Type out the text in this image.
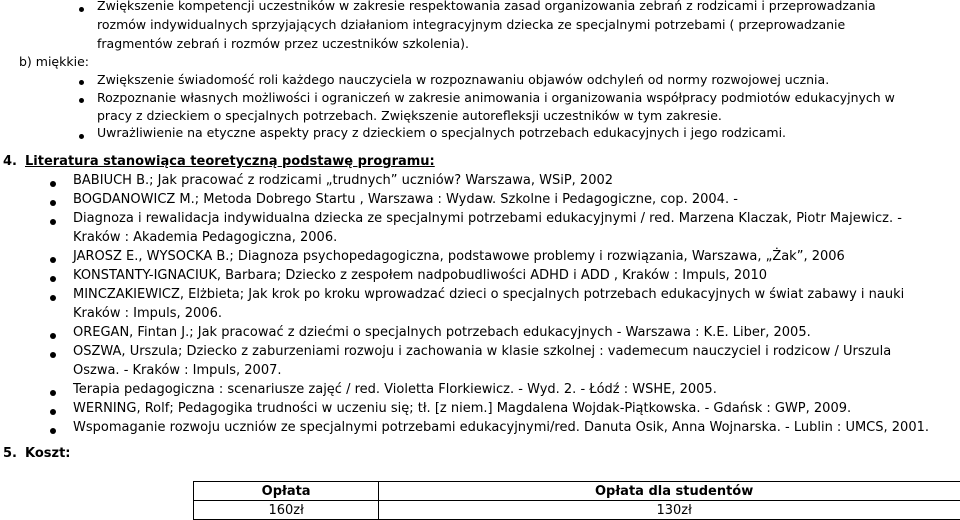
Zwiększenie kompetencji uczestników w zakresie respektowania zasad organizowania zebrań z rodzicami i przeprowadzania
rozmów indywidualnych sprzyjających działaniom integracyjnym dziecka ze specjalnymi potrzebami ( przeprowadzanie
fragmentów zebrań i rozmów przez uczestników szkolenia).
b) miękkie:
Zwiększenie świadomość roli każdego nauczyciela w rozpoznawaniu objawów odchyleń od normy rozwojowej ucznia.
Rozpoznanie własnych możliwości i ograniczeń w zakresie animowania i organizowania współpracy podmiotów edukacyjnych w
pracy z dzieckiem o specjalnych potrzebach. Zwiększenie autorefleksji uczestników w tym zakresie.
Uwrażliwienie na etyczne aspekty pracy z dzieckiem o specjalnych potrzebach edukacyjnych i jego rodzicami.
4. Literatura stanowiąca teoretyczną podstawę programu:
BABIUCH B.; Jak pracować z rodzicami „trudnych” uczniów? Warszawa, WSiP, 2002
BOGDANOWICZ M.; Metoda Dobrego Startu , Warszawa : Wydaw. Szkolne i Pedagogiczne, cop. 2004. -
Diagnoza i rewalidacja indywidualna dziecka ze specjalnymi potrzebami edukacyjnymi / red. Marzena Klaczak, Piotr Majewicz. -
Kraków : Akademia Pedagogiczna, 2006.
JAROSZ E., WYSOCKA B.; Diagnoza psychopedagogiczna, podstawowe problemy i rozwiązania, Warszawa, „Żak”, 2006
KONSTANTY-IGNACIUK, Barbara; Dziecko z zespołem nadpobudliwości ADHD i ADD , Kraków : Impuls, 2010
MINCZAKIEWICZ, Elżbieta; Jak krok po kroku wprowadzać dzieci o specjalnych potrzebach edukacyjnych w świat zabawy i nauki
Kraków : Impuls, 2006.
OREGAN, Fintan J.; Jak pracować z dziećmi o specjalnych potrzebach edukacyjnych - Warszawa : K.E. Liber, 2005.
OSZWA, Urszula; Dziecko z zaburzeniami rozwoju i zachowania w klasie szkolnej : vademecum nauczyciel i rodzicow / Urszula
Oszwa. - Kraków : Impuls, 2007.
Terapia pedagogiczna : scenariusze zajęć / red. Violetta Florkiewicz. - Wyd. 2. - Łódź : WSHE, 2005.
WERNING, Rolf; Pedagogika trudności w uczeniu się; tł. [z niem.] Magdalena Wojdak-Piątkowska. - Gdańsk : GWP, 2009.
Wspomaganie rozwoju uczniów ze specjalnymi potrzebami edukacyjnymi/red. Danuta Osik, Anna Wojnarska. - Lublin : UMCS, 2001.
5. Koszt:
Opłata	Opłata dla studentów
160zł	130zł
